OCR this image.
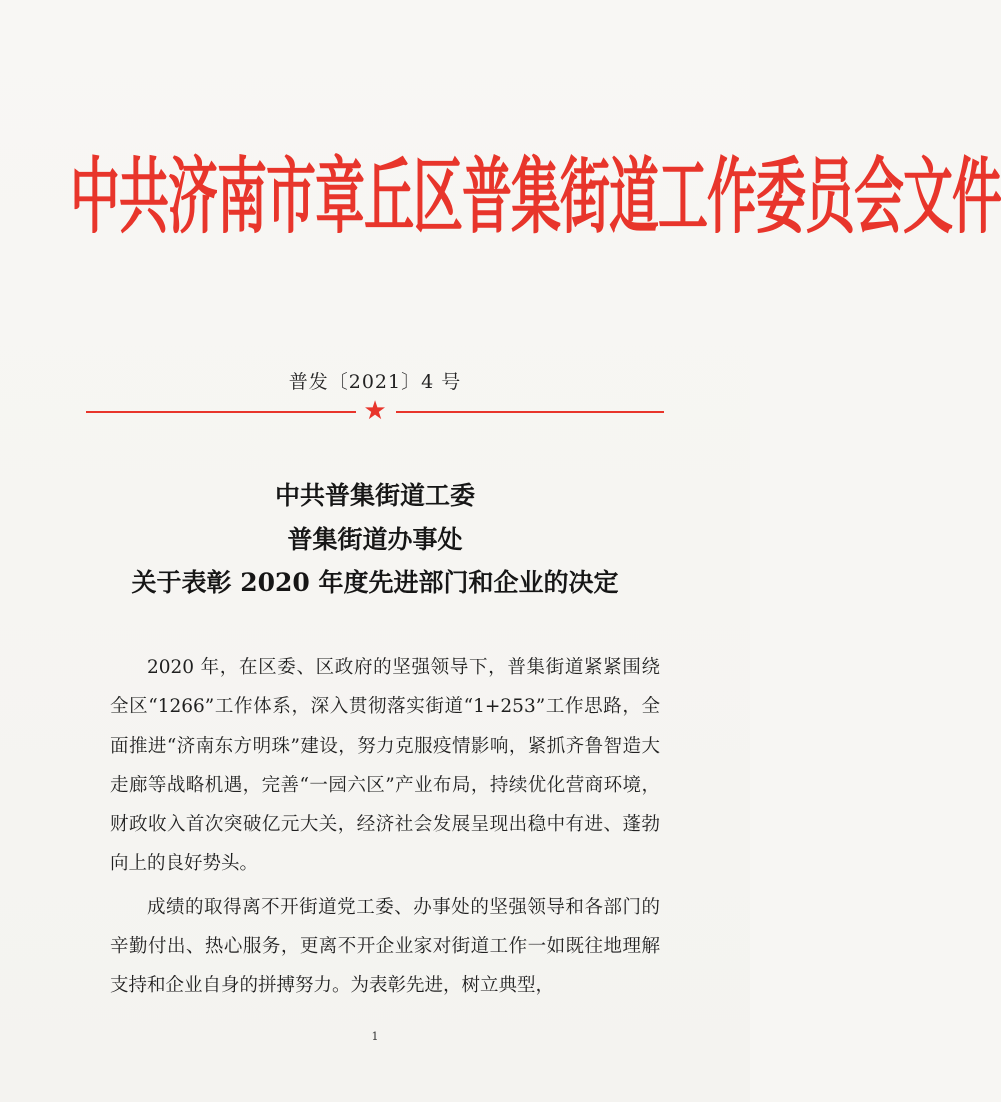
中共济南市章丘区普集街道工作委员会文件
普发〔2021〕4 号
★
中共普集街道工委
普集街道办事处
关于表彰 2020 年度先进部门和企业的决定

2020 年，在区委、区政府的坚强领导下，普集街道紧紧围绕全区“1266”工作体系，深入贯彻落实街道“1+253”工作思路，全面推进“济南东方明珠”建设，努力克服疫情影响，紧抓齐鲁智造大走廊等战略机遇，完善“一园六区”产业布局，持续优化营商环境，财政收入首次突破亿元大关，经济社会发展呈现出稳中有进、蓬勃向上的良好势头。

成绩的取得离不开街道党工委、办事处的坚强领导和各部门的辛勤付出、热心服务，更离不开企业家对街道工作一如既往地理解支持和企业自身的拼搏努力。为表彰先进，树立典型，

1
